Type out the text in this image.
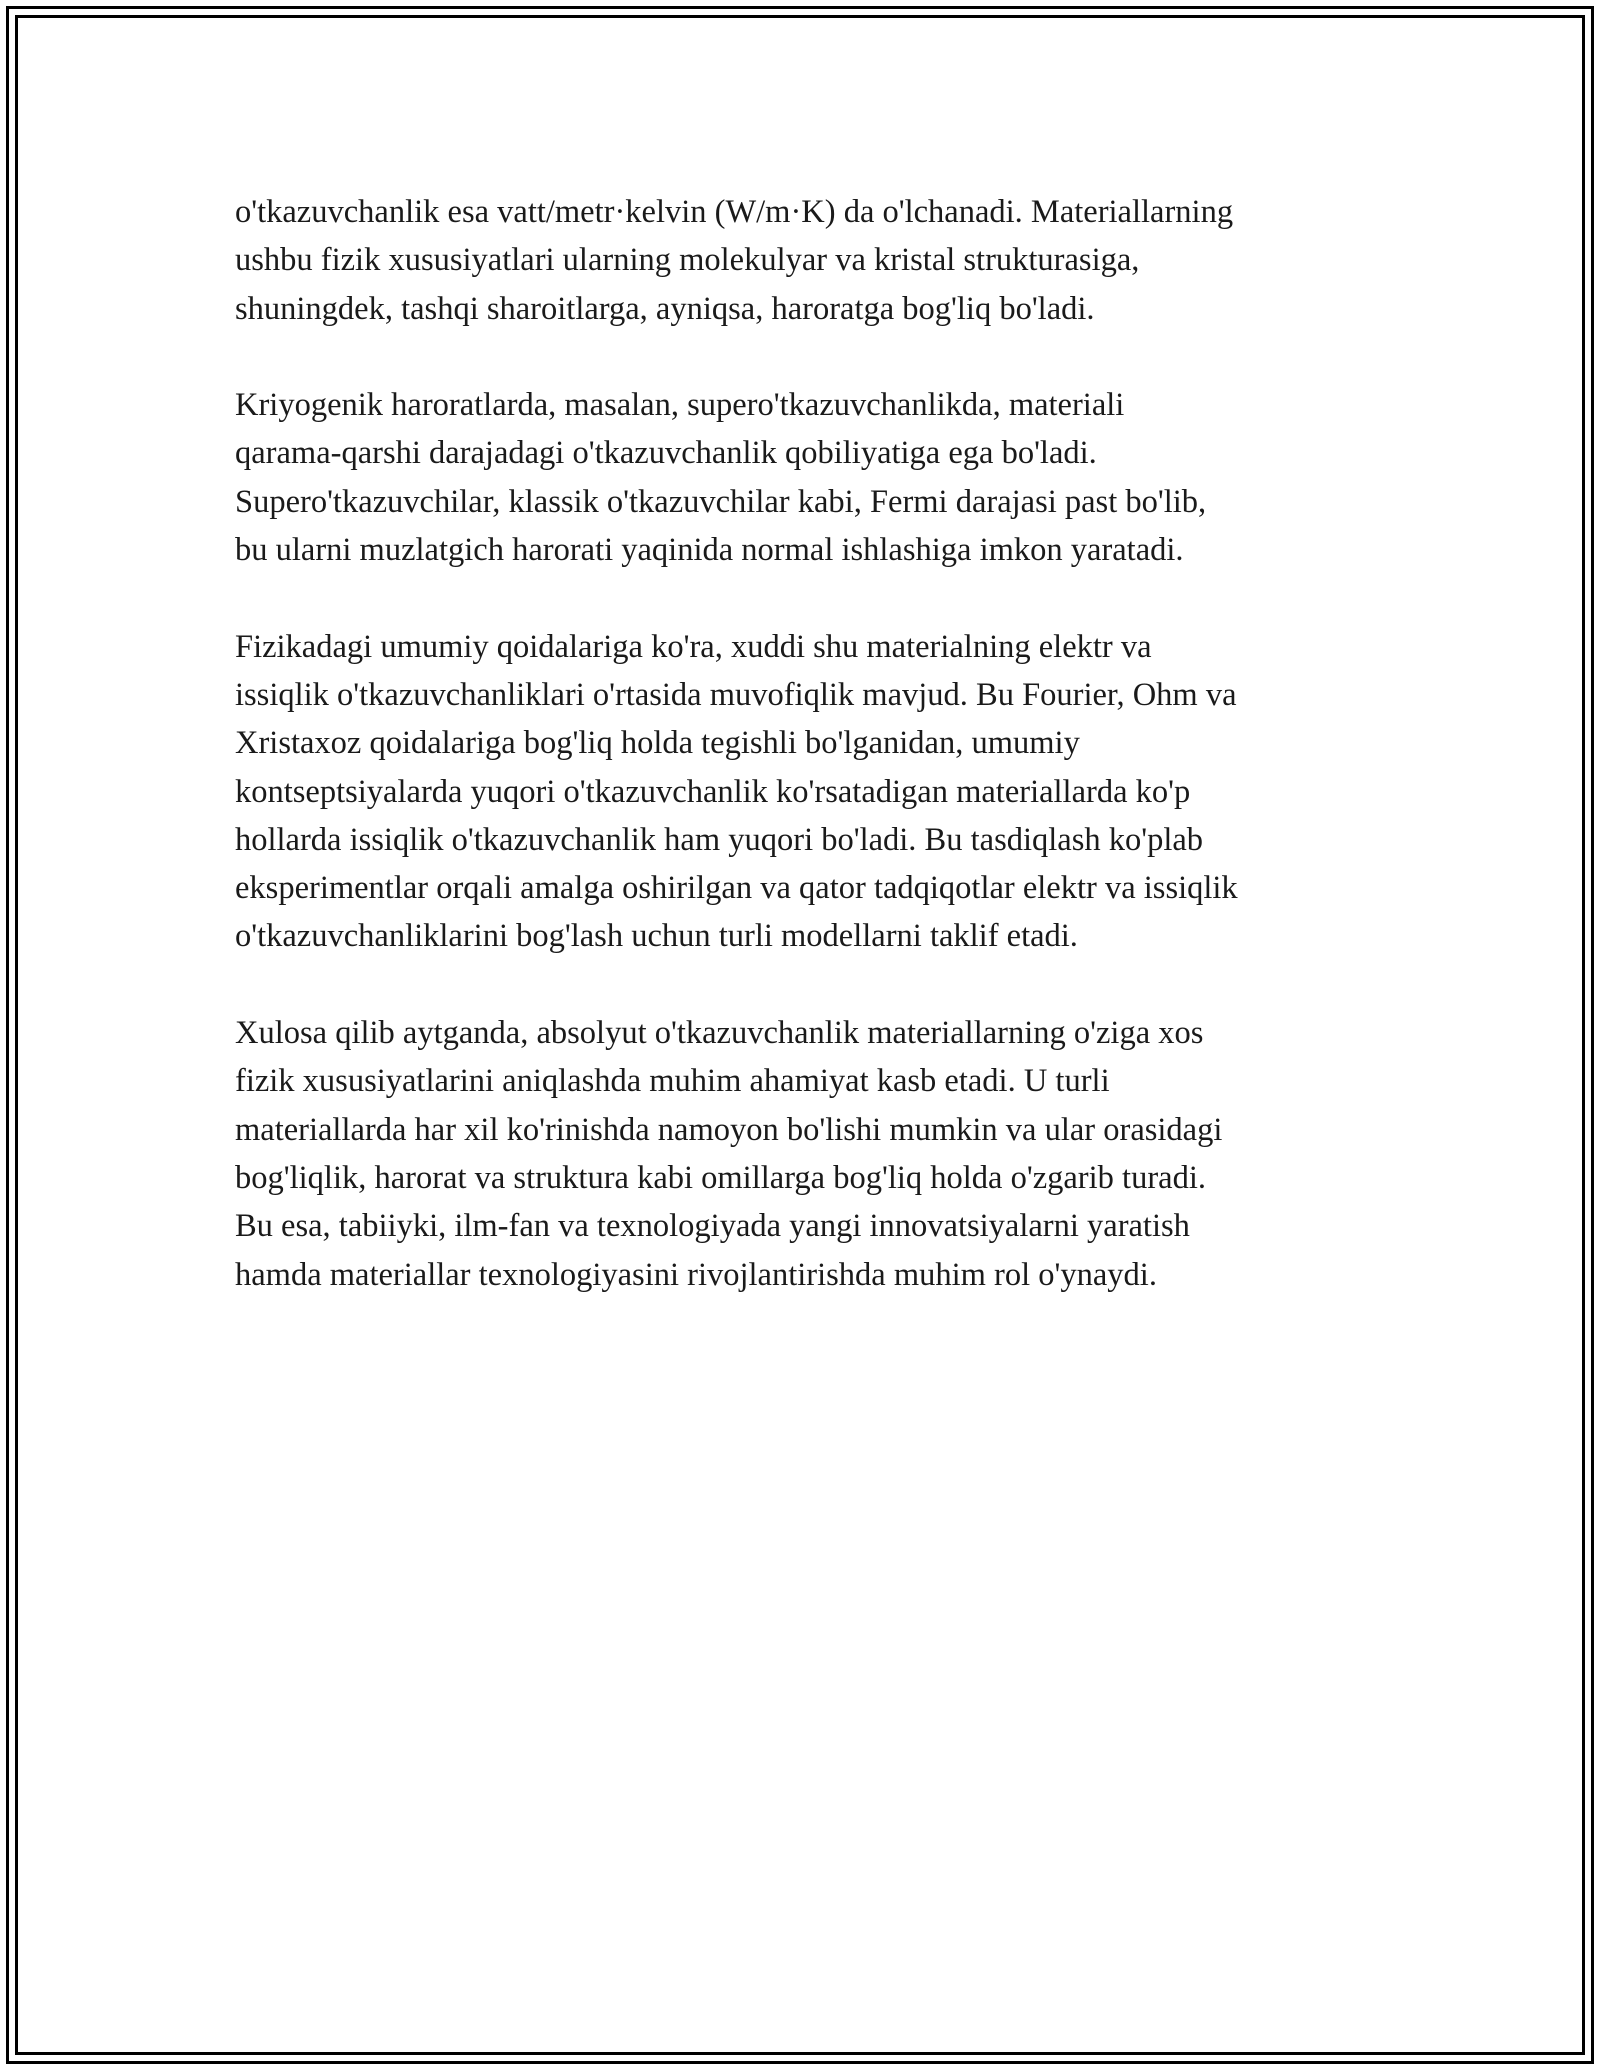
o'tkazuvchanlik esa vatt/metr·kelvin (W/m·K) da o'lchanadi. Materiallarning
ushbu fizik xususiyatlari ularning molekulyar va kristal strukturasiga,
shuningdek, tashqi sharoitlarga, ayniqsa, haroratga bog'liq bo'ladi.

Kriyogenik haroratlarda, masalan, supero'tkazuvchanlikda, materiali
qarama-qarshi darajadagi o'tkazuvchanlik qobiliyatiga ega bo'ladi.
Supero'tkazuvchilar, klassik o'tkazuvchilar kabi, Fermi darajasi past bo'lib,
bu ularni muzlatgich harorati yaqinida normal ishlashiga imkon yaratadi.

Fizikadagi umumiy qoidalariga ko'ra, xuddi shu materialning elektr va
issiqlik o'tkazuvchanliklari o'rtasida muvofiqlik mavjud. Bu Fourier, Ohm va
Xristaxoz qoidalariga bog'liq holda tegishli bo'lganidan, umumiy
kontseptsiyalarda yuqori o'tkazuvchanlik ko'rsatadigan materiallarda ko'p
hollarda issiqlik o'tkazuvchanlik ham yuqori bo'ladi. Bu tasdiqlash ko'plab
eksperimentlar orqali amalga oshirilgan va qator tadqiqotlar elektr va issiqlik
o'tkazuvchanliklarini bog'lash uchun turli modellarni taklif etadi.

Xulosa qilib aytganda, absolyut o'tkazuvchanlik materiallarning o'ziga xos
fizik xususiyatlarini aniqlashda muhim ahamiyat kasb etadi. U turli
materiallarda har xil ko'rinishda namoyon bo'lishi mumkin va ular orasidagi
bog'liqlik, harorat va struktura kabi omillarga bog'liq holda o'zgarib turadi.
Bu esa, tabiiyki, ilm-fan va texnologiyada yangi innovatsiyalarni yaratish
hamda materiallar texnologiyasini rivojlantirishda muhim rol o'ynaydi.
